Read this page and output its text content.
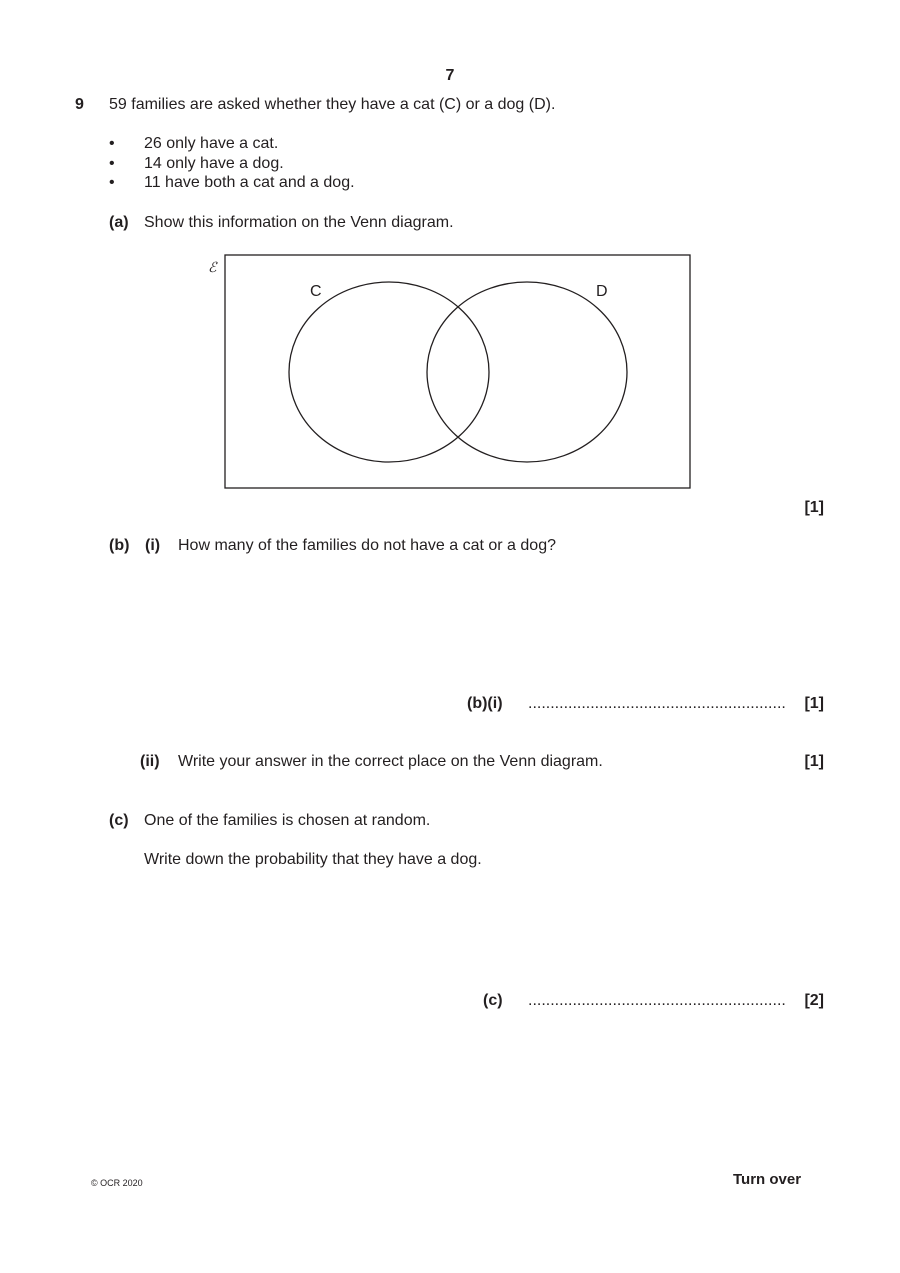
7
9 59 families are asked whether they have a cat (C) or a dog (D).
• 26 only have a cat.
• 14 only have a dog.
• 11 have both a cat and a dog.
(a) Show this information on the Venn diagram.
ℰ
C	D
[1]
(b) (i) How many of the families do not have a cat or a dog?
(b)(i) .......................................................... [1]
(ii) Write your answer in the correct place on the Venn diagram.	[1]
(c) One of the families is chosen at random.
Write down the probability that they have a dog.
(c) .......................................................... [2]
© OCR 2020	Turn over
